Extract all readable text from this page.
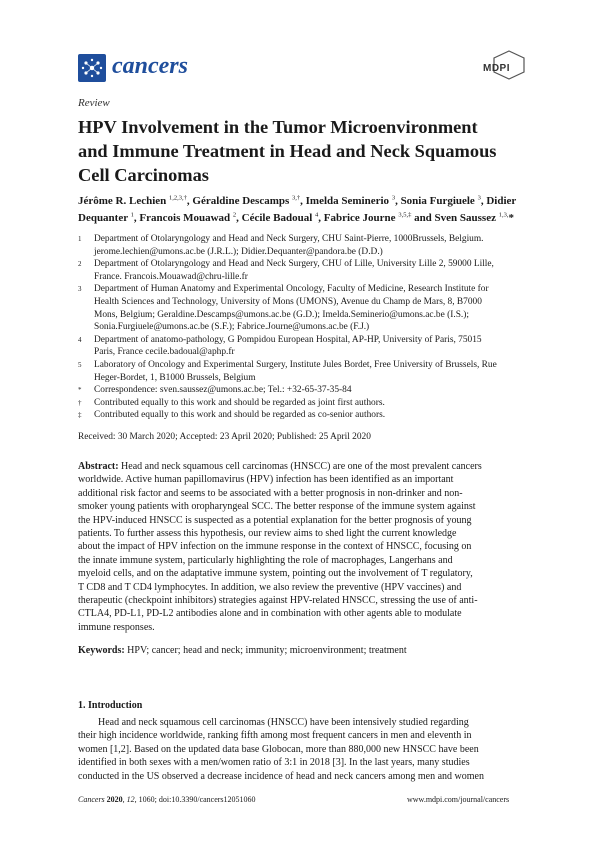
cancers	MDPI
Review
HPV Involvement in the Tumor Microenvironment
and Immune Treatment in Head and Neck Squamous
Cell Carcinomas
Jérôme R. Lechien $^{1,2,3,\dagger}$, Géraldine Descamps $^{3,\dagger}$, Imelda Seminerio $^3$, Sonia Furgiuele $^3$, Didier
Dequanter $^1$, Francois Mouawad $^2$, Cécile Badoual $^4$, Fabrice Journe $^{3,5,\ddagger}$ and Sven Saussez $^{1,3,}$*
1 Department of Otolaryngology and Head and Neck Surgery, CHU Saint-Pierre, 1000Brussels, Belgium.
jerome.lechien@umons.ac.be (J.R.L.); Didier.Dequanter@pandora.be (D.D.)
2 Department of Otolaryngology and Head and Neck Surgery, CHU of Lille, University Lille 2, 59000 Lille,
France. Francois.Mouawad@chru-lille.fr
3 Department of Human Anatomy and Experimental Oncology, Faculty of Medicine, Research Institute for
Health Sciences and Technology, University of Mons (UMONS), Avenue du Champ de Mars, 8, B7000
Mons, Belgium; Geraldine.Descamps@umons.ac.be (G.D.); Imelda.Seminerio@umons.ac.be (I.S.);
Sonia.Furgiuele@umons.ac.be (S.F.); Fabrice.Journe@umons.ac.be (F.J.)
4 Department of anatomo-pathology, G Pompidou European Hospital, AP-HP, University of Paris, 75015
Paris, France cecile.badoual@aphp.fr
5 Laboratory of Oncology and Experimental Surgery, Institute Jules Bordet, Free University of Brussels, Rue
Heger-Bordet, 1, B1000 Brussels, Belgium
* Correspondence: sven.saussez@umons.ac.be; Tel.: +32-65-37-35-84
† Contributed equally to this work and should be regarded as joint first authors.
‡ Contributed equally to this work and should be regarded as co-senior authors.
Received: 30 March 2020; Accepted: 23 April 2020; Published: 25 April 2020
Abstract: Head and neck squamous cell carcinomas (HNSCC) are one of the most prevalent cancers
worldwide. Active human papillomavirus (HPV) infection has been identified as an important
additional risk factor and seems to be associated with a better prognosis in non-drinker and non-
smoker young patients with oropharyngeal SCC. The better response of the immune system against
the HPV-induced HNSCC is suspected as a potential explanation for the better prognosis of young
patients. To further assess this hypothesis, our review aims to shed light the current knowledge
about the impact of HPV infection on the immune response in the context of HNSCC, focusing on
the innate immune system, particularly highlighting the role of macrophages, Langerhans and
myeloid cells, and on the adaptative immune system, pointing out the involvement of T regulatory,
T CD8 and T CD4 lymphocytes. In addition, we also review the preventive (HPV vaccines) and
therapeutic (checkpoint inhibitors) strategies against HPV-related HNSCC, stressing the use of anti-
CTLA4, PD-L1, PD-L2 antibodies alone and in combination with other agents able to modulate
immune responses.
Keywords: HPV; cancer; head and neck; immunity; microenvironment; treatment
1. Introduction
Head and neck squamous cell carcinomas (HNSCC) have been intensively studied regarding
their high incidence worldwide, ranking fifth among most frequent cancers in men and eleventh in
women [1,2]. Based on the updated data base Globocan, more than 880,000 new HNSCC have been
identified in both sexes with a men/women ratio of 3:1 in 2018 [3]. In the last years, many studies
conducted in the US observed a decrease incidence of head and neck cancers among men and women
Cancers 2020, 12, 1060; doi:10.3390/cancers12051060	www.mdpi.com/journal/cancers
